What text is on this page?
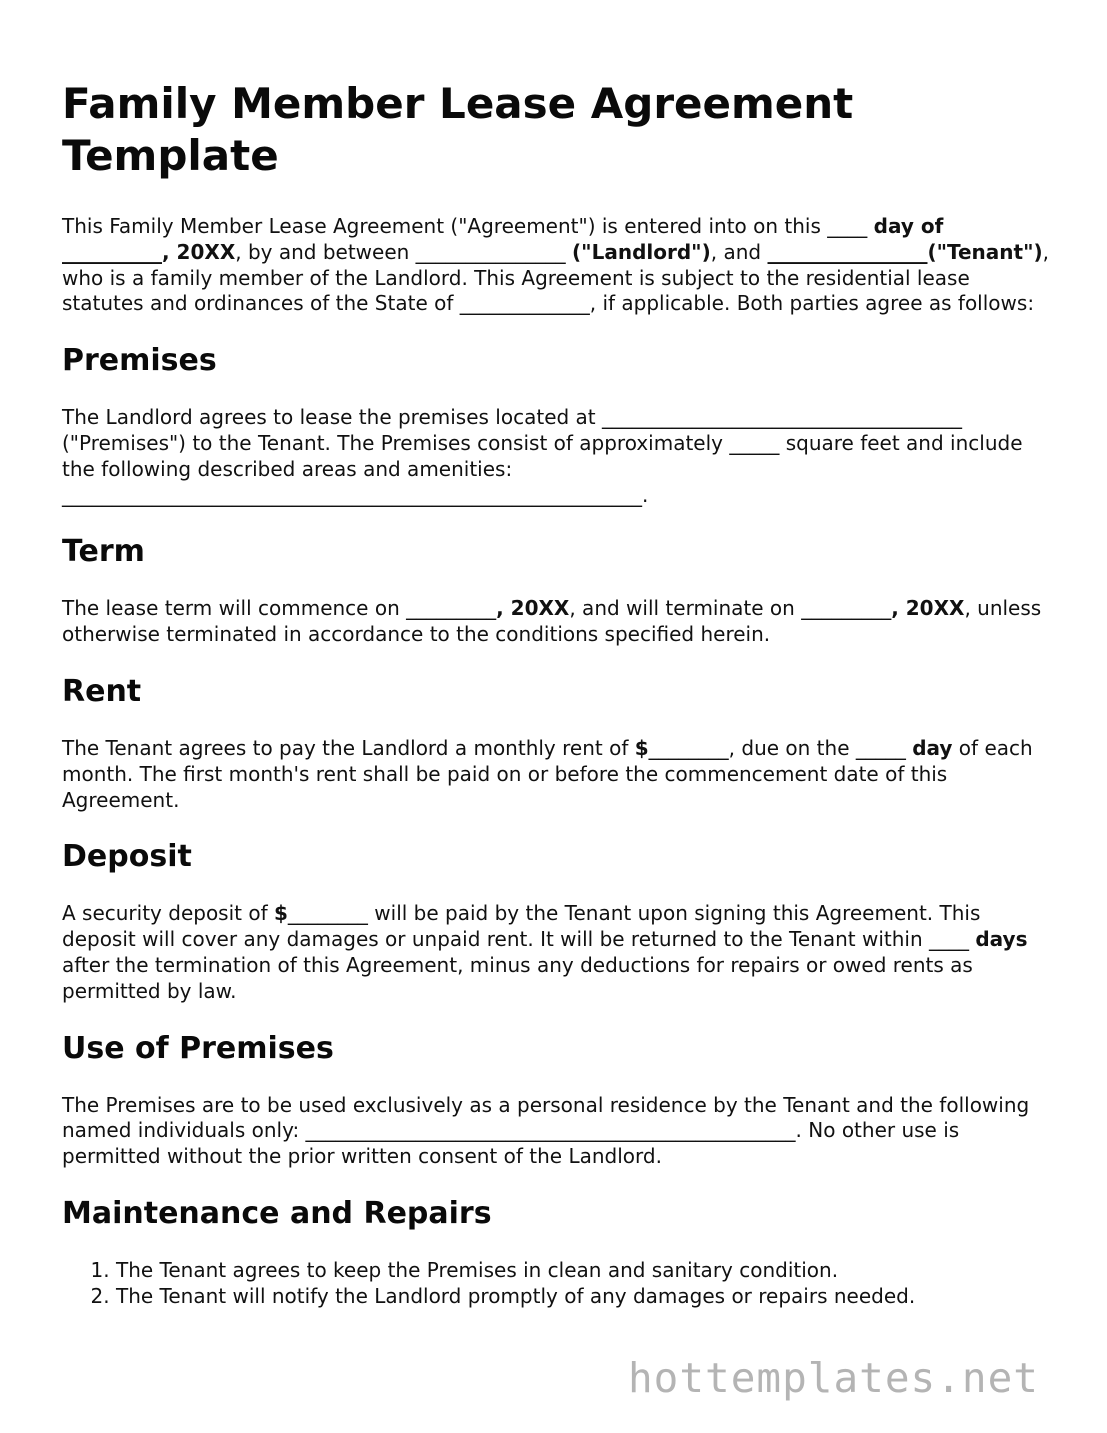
Family Member Lease Agreement Template

This Family Member Lease Agreement ("Agreement") is entered into on this ____ day of __________, 20XX, by and between _______________ ("Landlord"), and ________________("Tenant"), who is a family member of the Landlord. This Agreement is subject to the residential lease statutes and ordinances of the State of _____________, if applicable. Both parties agree as follows:

Premises

The Landlord agrees to lease the premises located at ____________________________________ ("Premises") to the Tenant. The Premises consist of approximately _____ square feet and include the following described areas and amenities: __________________________________________________________.

Term

The lease term will commence on _________, 20XX, and will terminate on _________, 20XX, unless otherwise terminated in accordance to the conditions specified herein.

Rent

The Tenant agrees to pay the Landlord a monthly rent of $________, due on the _____ day of each month. The first month's rent shall be paid on or before the commencement date of this Agreement.

Deposit

A security deposit of $________ will be paid by the Tenant upon signing this Agreement. This deposit will cover any damages or unpaid rent. It will be returned to the Tenant within ____ days after the termination of this Agreement, minus any deductions for repairs or owed rents as permitted by law.

Use of Premises

The Premises are to be used exclusively as a personal residence by the Tenant and the following named individuals only: _________________________________________________. No other use is permitted without the prior written consent of the Landlord.

Maintenance and Repairs
1. The Tenant agrees to keep the Premises in clean and sanitary condition.
2. The Tenant will notify the Landlord promptly of any damages or repairs needed.
hottemplates.net
